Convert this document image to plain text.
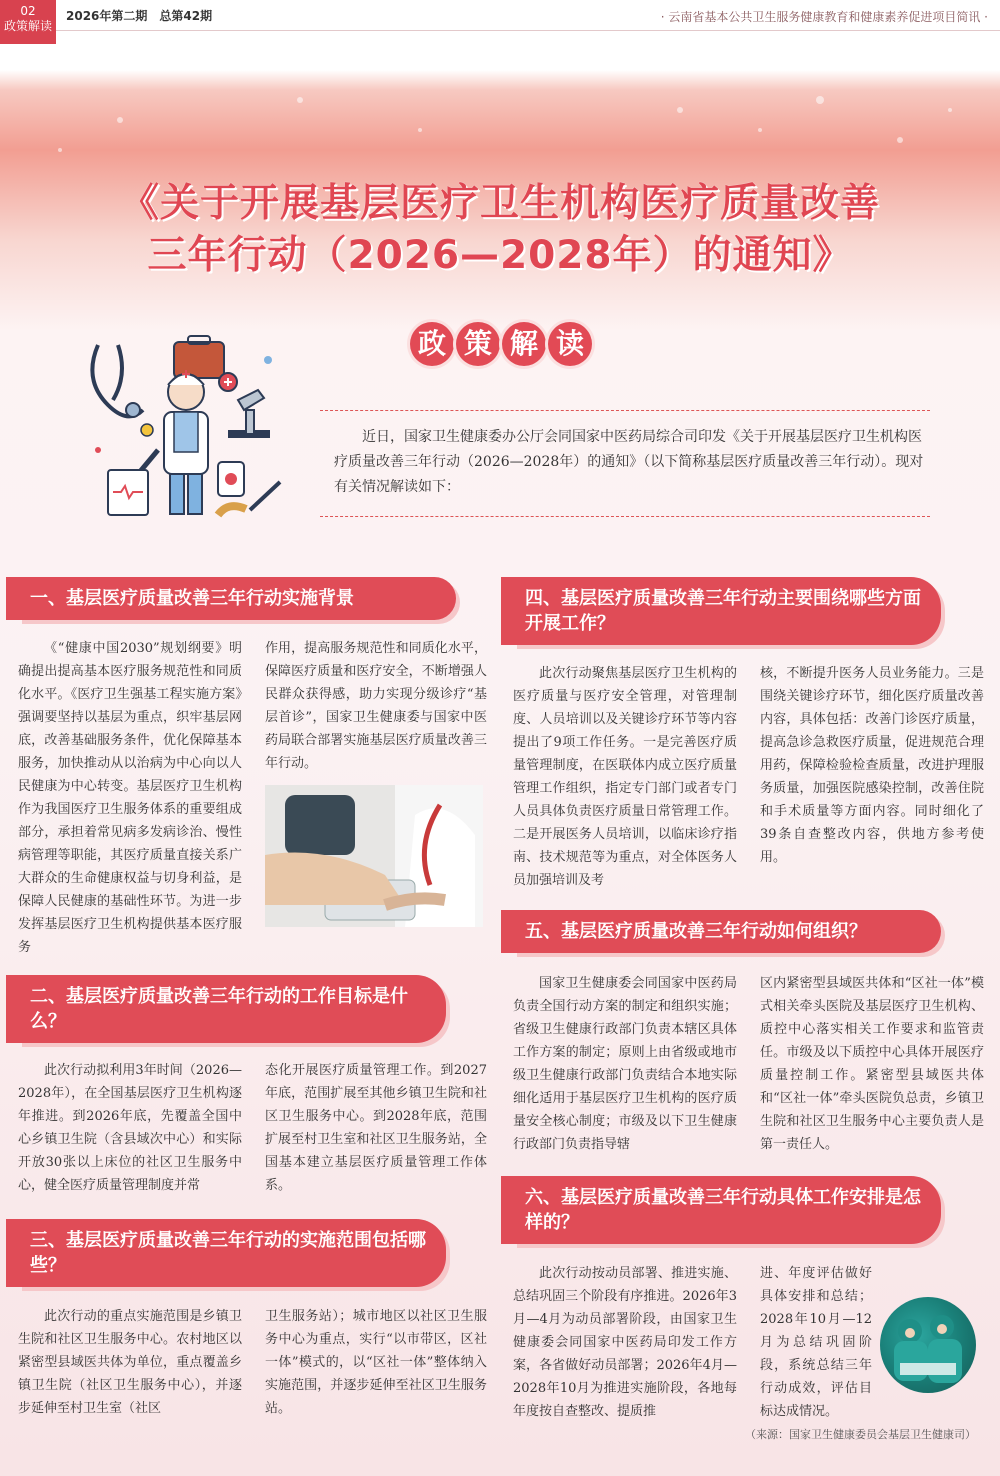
02
政策解读
2026年第二期　总第42期	· 云南省基本公共卫生服务健康教育和健康素养促进项目简讯 ·
《关于开展基层医疗卫生机构医疗质量改善
三年行动（2026—2028年）的通知》
政 策 解 读

近日，国家卫生健康委办公厅会同国家中医药局综合司印发《关于开展基层医疗卫生机构医疗质量改善三年行动（2026—2028年）的通知》（以下简称基层医疗质量改善三年行动）。现对有关情况解读如下：

一、基层医疗质量改善三年行动实施背景

《“健康中国2030”规划纲要》明确提出提高基本医疗服务规范性和同质化水平。《医疗卫生强基工程实施方案》强调要坚持以基层为重点，织牢基层网底，改善基础服务条件，优化保障基本服务，加快推动从以治病为中心向以人民健康为中心转变。基层医疗卫生机构作为我国医疗卫生服务体系的重要组成部分，承担着常见病多发病诊治、慢性病管理等职能，其医疗质量直接关系广大群众的生命健康权益与切身利益，是保障人民健康的基础性环节。为进一步发挥基层医疗卫生机构提供基本医疗服务

作用，提高服务规范性和同质化水平，保障医疗质量和医疗安全，不断增强人民群众获得感，助力实现分级诊疗“基层首诊”，国家卫生健康委与国家中医药局联合部署实施基层医疗质量改善三年行动。

二、基层医疗质量改善三年行动的工作目标是什么？

此次行动拟利用3年时间（2026—2028年），在全国基层医疗卫生机构逐年推进。到2026年底，先覆盖全国中心乡镇卫生院（含县域次中心）和实际开放30张以上床位的社区卫生服务中心，健全医疗质量管理制度并常

态化开展医疗质量管理工作。到2027年底，范围扩展至其他乡镇卫生院和社区卫生服务中心。到2028年底，范围扩展至村卫生室和社区卫生服务站，全国基本建立基层医疗质量管理工作体系。

三、基层医疗质量改善三年行动的实施范围包括哪些？

此次行动的重点实施范围是乡镇卫生院和社区卫生服务中心。农村地区以紧密型县域医共体为单位，重点覆盖乡镇卫生院（社区卫生服务中心），并逐步延伸至村卫生室（社区

卫生服务站）；城市地区以社区卫生服务中心为重点，实行“以市带区，区社一体”模式的，以“区社一体”整体纳入实施范围，并逐步延伸至社区卫生服务站。

四、基层医疗质量改善三年行动主要围绕哪些方面开展工作？

此次行动聚焦基层医疗卫生机构的医疗质量与医疗安全管理，对管理制度、人员培训以及关键诊疗环节等内容提出了9项工作任务。一是完善医疗质量管理制度，在医联体内成立医疗质量管理工作组织，指定专门部门或者专门人员具体负责医疗质量日常管理工作。二是开展医务人员培训，以临床诊疗指南、技术规范等为重点，对全体医务人员加强培训及考

核，不断提升医务人员业务能力。三是围绕关键诊疗环节，细化医疗质量改善内容，具体包括：改善门诊医疗质量，提高急诊急救医疗质量，促进规范合理用药，保障检验检查质量，改进护理服务质量，加强医院感染控制，改善住院和手术质量等方面内容。同时细化了39条自查整改内容，供地方参考使用。

五、基层医疗质量改善三年行动如何组织？

国家卫生健康委会同国家中医药局负责全国行动方案的制定和组织实施；省级卫生健康行政部门负责本辖区具体工作方案的制定；原则上由省级或地市级卫生健康行政部门负责结合本地实际细化适用于基层医疗卫生机构的医疗质量安全核心制度；市级及以下卫生健康行政部门负责指导辖

区内紧密型县域医共体和“区社一体”模式相关牵头医院及基层医疗卫生机构、质控中心落实相关工作要求和监管责任。市级及以下质控中心具体开展医疗质量控制工作。紧密型县域医共体和“区社一体”牵头医院负总责，乡镇卫生院和社区卫生服务中心主要负责人是第一责任人。

六、基层医疗质量改善三年行动具体工作安排是怎样的？

此次行动按动员部署、推进实施、总结巩固三个阶段有序推进。2026年3月—4月为动员部署阶段，由国家卫生健康委会同国家中医药局印发工作方案，各省做好动员部署；2026年4月—2028年10月为推进实施阶段，各地每年度按自查整改、提质推

进、年度评估做好具体安排和总结；2028年10月—12月为总结巩固阶段，系统总结三年行动成效，评估目标达成情况。

（来源：国家卫生健康委员会基层卫生健康司）
